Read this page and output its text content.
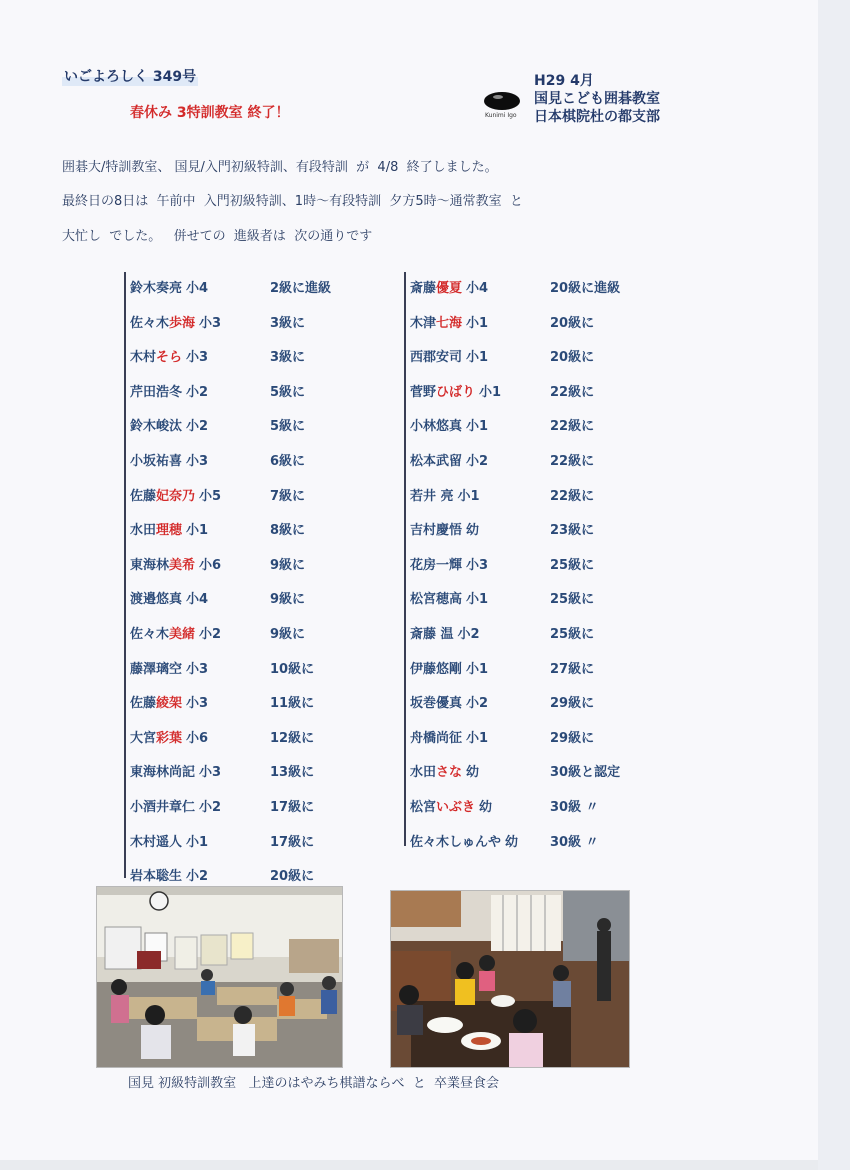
いごよろしく 349号
春休み 3特訓教室 終了！
H29 4月
国見こども囲碁教室
日本棋院杜の都支部
Kunimi Igo
囲碁大/特訓教室、 国見/入門初級特訓、有段特訓  が  4/8  終了しました。
最終日の8日は  午前中  入門初級特訓、1時～有段特訓  夕方5時～通常教室  と
大忙し  でした。   併せての  進級者は  次の通りです
鈴木奏亮小4	2級に進級
佐々木歩海小3	3級に
木村そら小3	3級に
芹田浩冬小2	5級に
鈴木峻汰小2	5級に
小坂祐喜小3	6級に
佐藤妃奈乃小5	7級に
水田理穂小1	8級に
東海林美希小6	9級に
渡邉悠真小4	9級に
佐々木美緒小2	9級に
藤澤璃空小3	10級に
佐藤綾架小3	11級に
大宮彩葉小6	12級に
東海林尚記小3	13級に
小酒井章仁小2	17級に
木村遥人小1	17級に
岩本聡生小2	20級に
斎藤優夏小4	20級に進級
木津七海小1	20級に
西郡安司小1	20級に
菅野ひばり小1	22級に
小林悠真小1	22級に
松本武留小2	22級に
若井 亮小1	22級に
吉村慶悟幼	23級に
花房一輝小3	25級に
松宮穂高小1	25級に
斎藤 温小2	25級に
伊藤悠剛小1	27級に
坂巻優真小2	29級に
舟橋尚征小1	29級に
水田さな幼	30級と認定
松宮いぶき幼	30級 〃
佐々木しゅんや幼 30級 〃
国見 初級特訓教室   上達のはやみち棋譜ならべ  と  卒業昼食会
